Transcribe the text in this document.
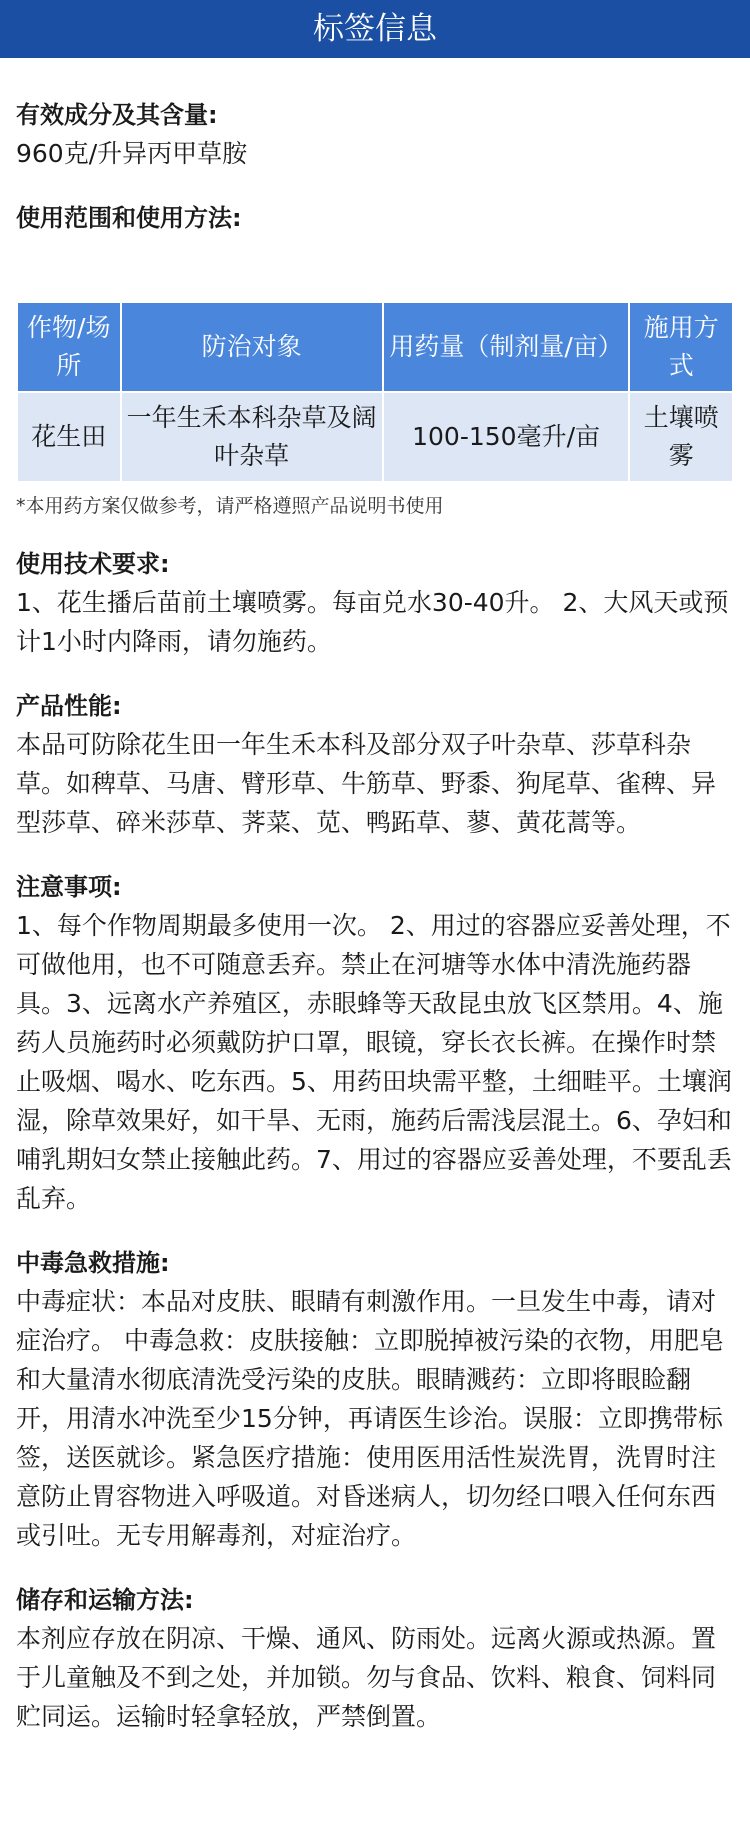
标签信息
有效成分及其含量:
960克/升异丙甲草胺
使用范围和使用方法:
作物/场所	防治对象	用药量（制剂量/亩）	施用方式
花生田	一年生禾本科杂草及阔叶杂草	100-150毫升/亩	土壤喷雾
*本用药方案仅做参考，请严格遵照产品说明书使用
使用技术要求:
1、花生播后苗前土壤喷雾。每亩兑水30-40升。 2、大风天或预计1小时内降雨，请勿施药。
产品性能:
本品可防除花生田一年生禾本科及部分双子叶杂草、莎草科杂草。如稗草、马唐、臂形草、牛筋草、野黍、狗尾草、雀稗、异型莎草、碎米莎草、荠菜、苋、鸭跖草、蓼、黄花蒿等。
注意事项:
1、每个作物周期最多使用一次。 2、用过的容器应妥善处理，不可做他用，也不可随意丢弃。禁止在河塘等水体中清洗施药器具。3、远离水产养殖区，赤眼蜂等天敌昆虫放飞区禁用。4、施药人员施药时必须戴防护口罩，眼镜，穿长衣长裤。在操作时禁止吸烟、喝水、吃东西。5、用药田块需平整，土细畦平。土壤润湿，除草效果好，如干旱、无雨，施药后需浅层混土。6、孕妇和哺乳期妇女禁止接触此药。7、用过的容器应妥善处理，不要乱丢乱弃。
中毒急救措施:
中毒症状：本品对皮肤、眼睛有刺激作用。一旦发生中毒，请对症治疗。 中毒急救：皮肤接触：立即脱掉被污染的衣物，用肥皂和大量清水彻底清洗受污染的皮肤。眼睛溅药：立即将眼睑翻开，用清水冲洗至少15分钟，再请医生诊治。误服：立即携带标签，送医就诊。紧急医疗措施：使用医用活性炭洗胃，洗胃时注意防止胃容物进入呼吸道。对昏迷病人，切勿经口喂入任何东西或引吐。无专用解毒剂，对症治疗。
储存和运输方法:
本剂应存放在阴凉、干燥、通风、防雨处。远离火源或热源。置于儿童触及不到之处，并加锁。勿与食品、饮料、粮食、饲料同贮同运。运输时轻拿轻放，严禁倒置。
